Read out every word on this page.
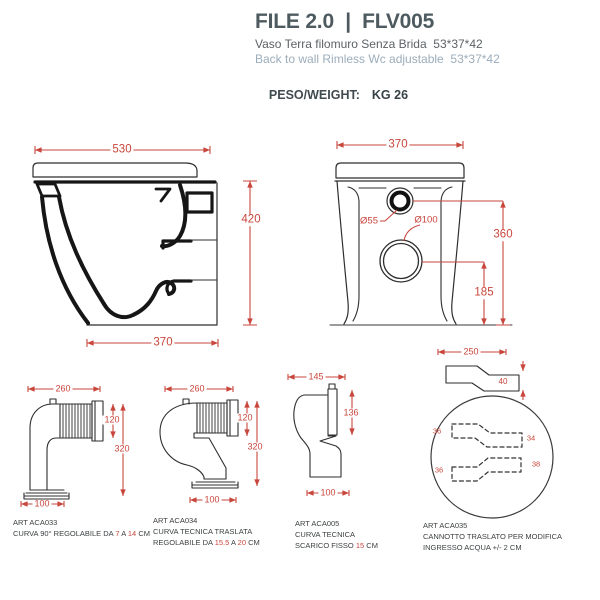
FILE 2.0  |  FLV005
Vaso Terra filomuro Senza Brida  53*37*42
Back to wall Rimless Wc adjustable  53*37*42

PESO/WEIGHT: KG 26

530
420
370
370
Ø55	Ø100
360
185
260
120
320
100
260
120
320
100
145
136
100
250
40
36
34
36
38
ART ACA033
CURVA 90° REGOLABILE DA 7 A 14 CM
ART ACA034
CURVA TECNICA TRASLATA
REGOLABILE DA 15.5 A 20 CM
ART ACA005
CURVA TECNICA
SCARICO FISSO 15 CM
ART ACA035
CANNOTTO TRASLATO PER MODIFICA
INGRESSO ACQUA +/- 2 CM
